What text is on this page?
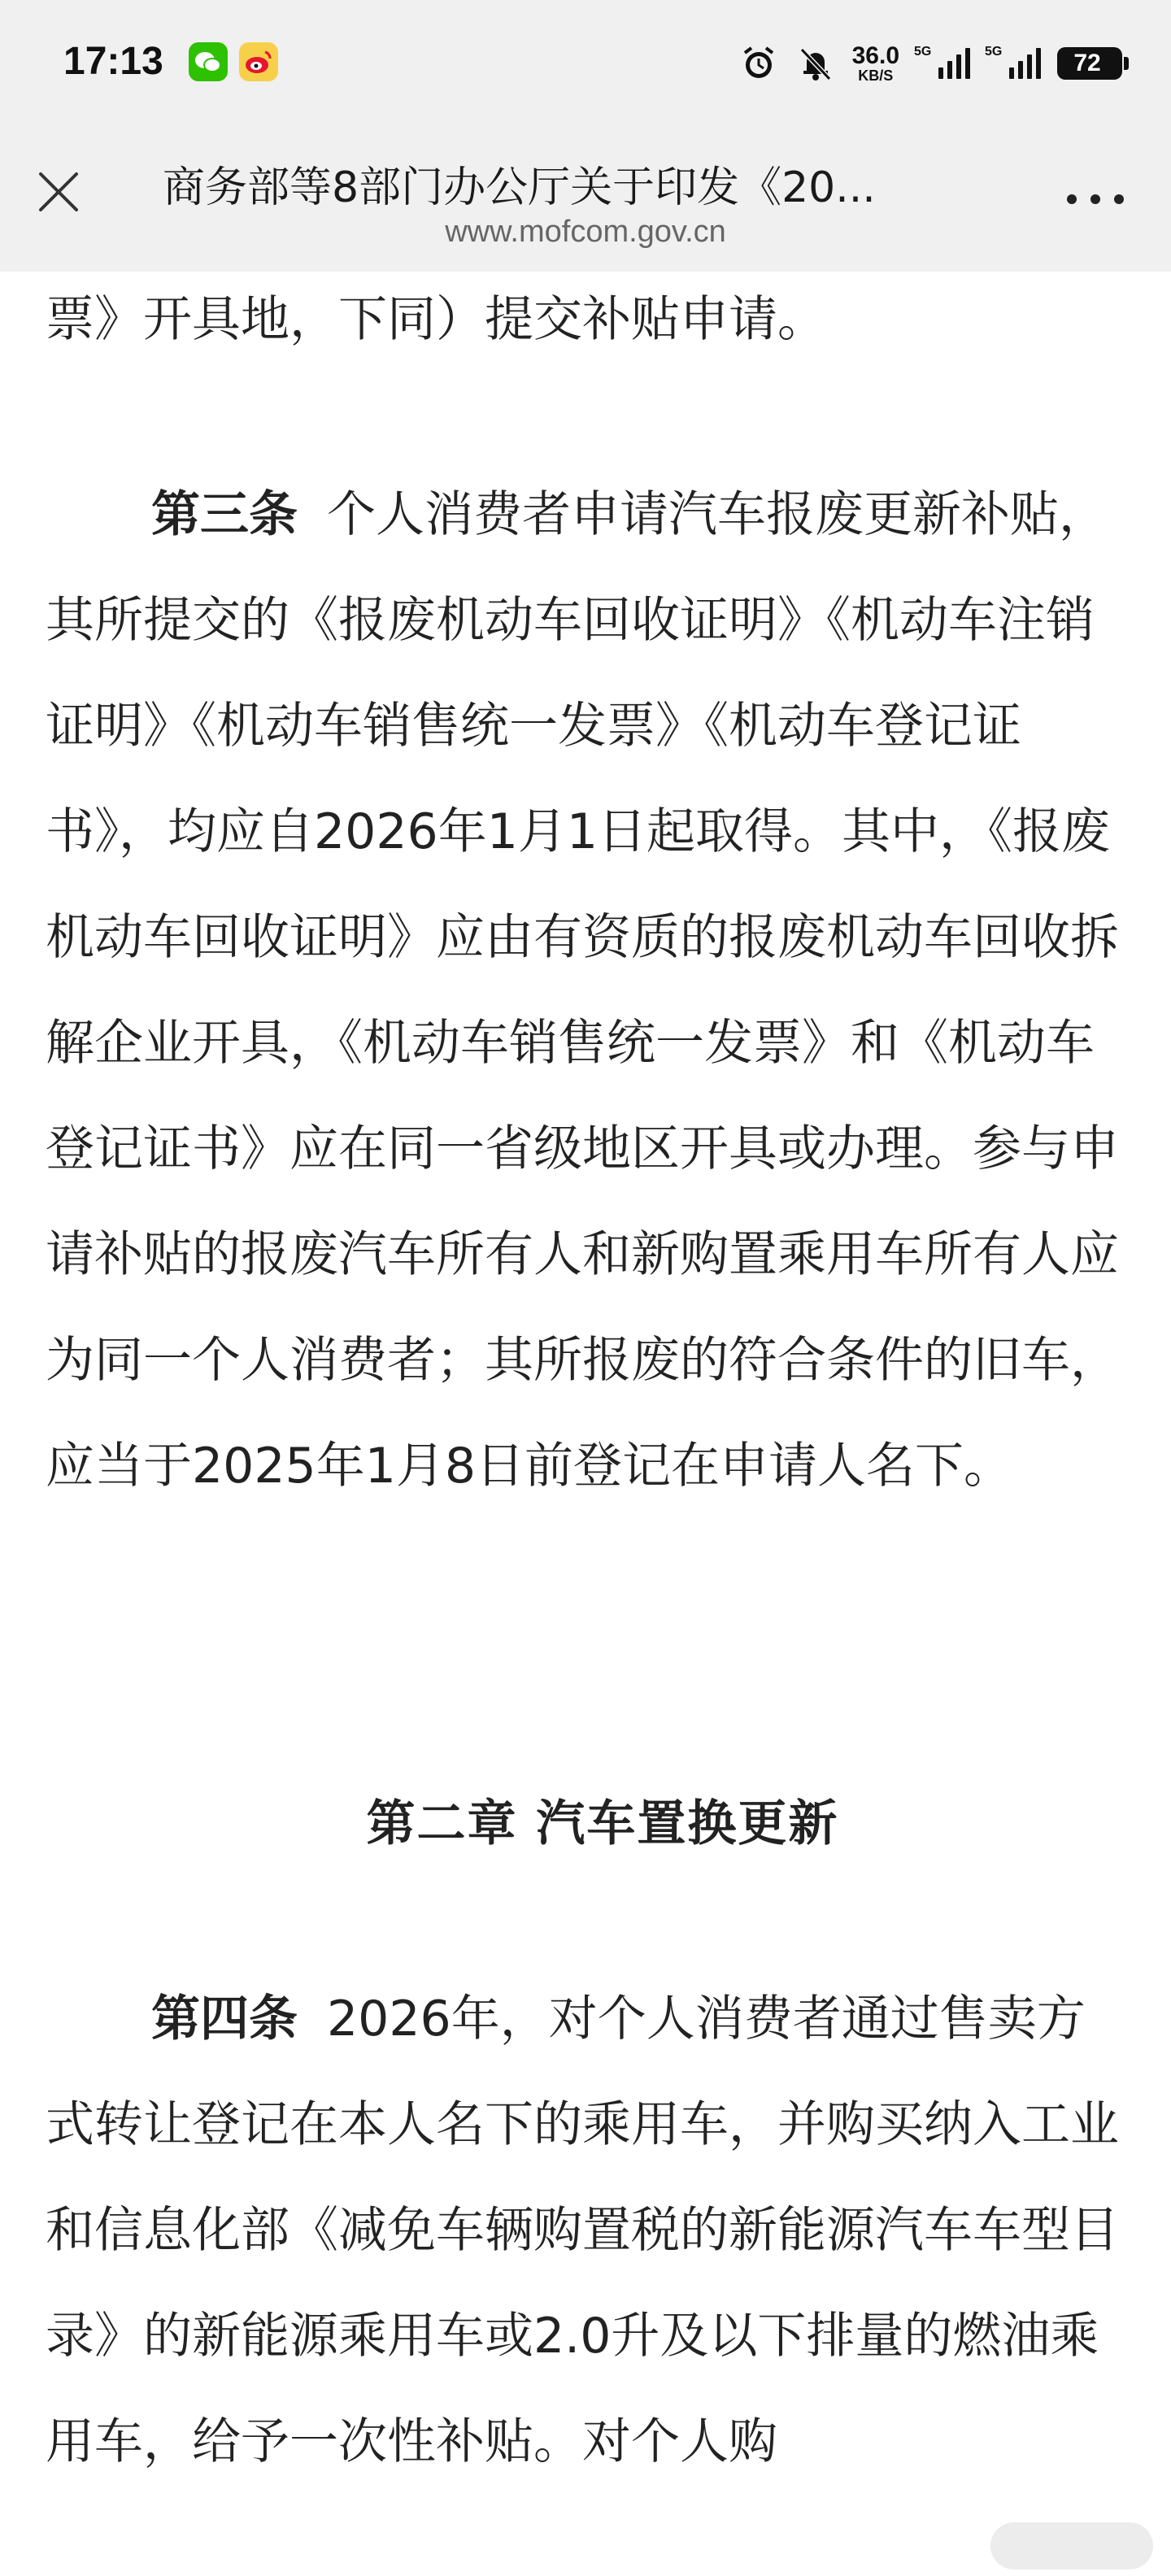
17:13	36.0
KB/S
5G	5G	72
商务部等8部门办公厅关于印发《20...
www.mofcom.gov.cn

票》开具地，下同）提交补贴申请。

第三条 个人消费者申请汽车报废更新补贴，其所提交的《报废机动车回收证明》《机动车注销证明》《机动车销售统一发票》《机动车登记证书》，均应自2026年1月1日起取得。其中，《报废机动车回收证明》应由有资质的报废机动车回收拆解企业开具，《机动车销售统一发票》和《机动车登记证书》应在同一省级地区开具或办理。参与申请补贴的报废汽车所有人和新购置乘用车所有人应为同一个人消费者；其所报废的符合条件的旧车，应当于2025年1月8日前登记在申请人名下。

第二章 汽车置换更新

第四条 2026年，对个人消费者通过售卖方式转让登记在本人名下的乘用车，并购买纳入工业和信息化部《减免车辆购置税的新能源汽车车型目录》的新能源乘用车或2.0升及以下排量的燃油乘用车，给予一次性补贴。对个人购
